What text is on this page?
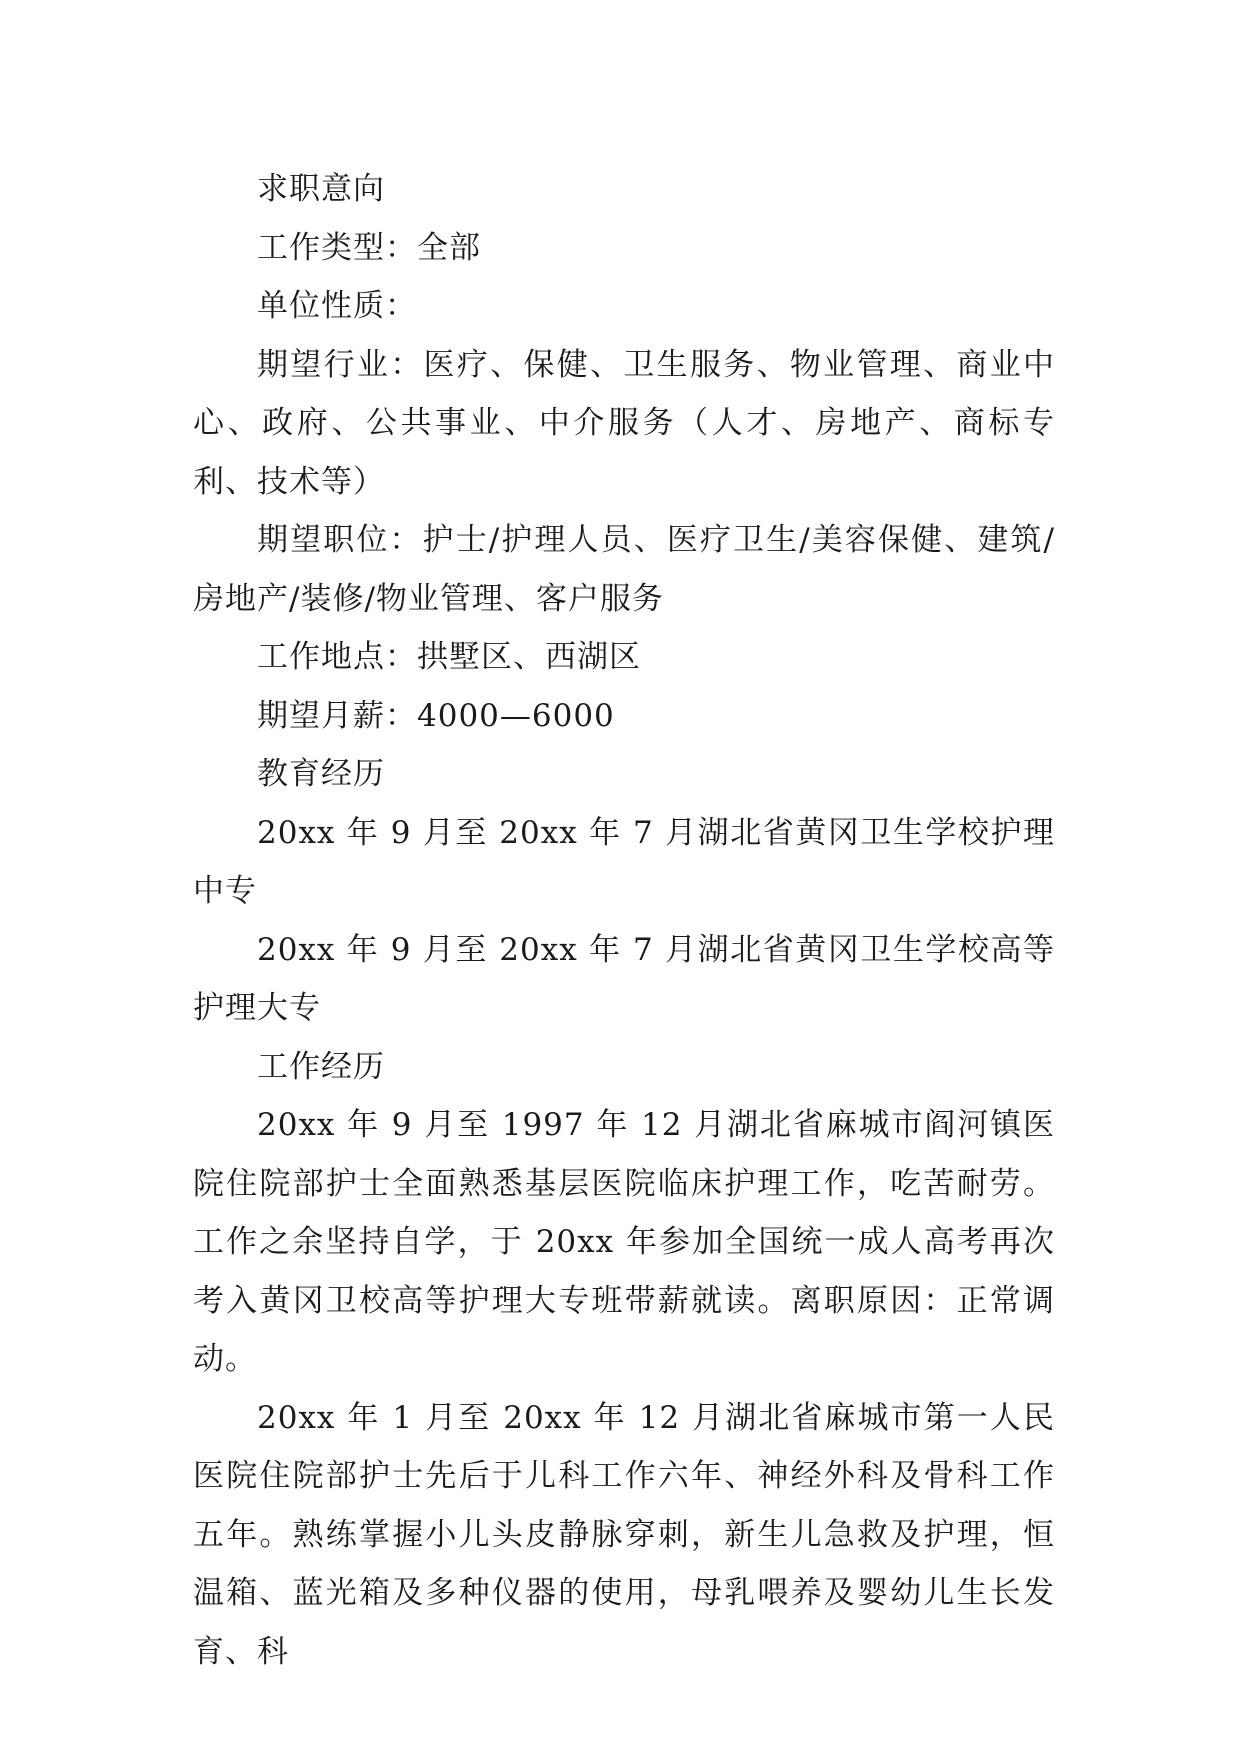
求职意向

工作类型：全部

单位性质：

期望行业：医疗、保健、卫生服务、物业管理、商业中心、政府、公共事业、中介服务（人才、房地产、商标专利、技术等）

期望职位：护士/护理人员、医疗卫生/美容保健、建筑/房地产/装修/物业管理、客户服务

工作地点：拱墅区、西湖区

期望月薪：4000—6000

教育经历

20xx 年 9 月至 20xx 年 7 月湖北省黄冈卫生学校护理中专

20xx 年 9 月至 20xx 年 7 月湖北省黄冈卫生学校高等护理大专

工作经历

20xx 年 9 月至 1997 年 12 月湖北省麻城市阎河镇医院住院部护士全面熟悉基层医院临床护理工作，吃苦耐劳。工作之余坚持自学，于 20xx 年参加全国统一成人高考再次考入黄冈卫校高等护理大专班带薪就读。离职原因：正常调动。

20xx 年 1 月至 20xx 年 12 月湖北省麻城市第一人民医院住院部护士先后于儿科工作六年、神经外科及骨科工作五年。熟练掌握小儿头皮静脉穿刺，新生儿急救及护理，恒温箱、蓝光箱及多种仪器的使用，母乳喂养及婴幼儿生长发育、科
